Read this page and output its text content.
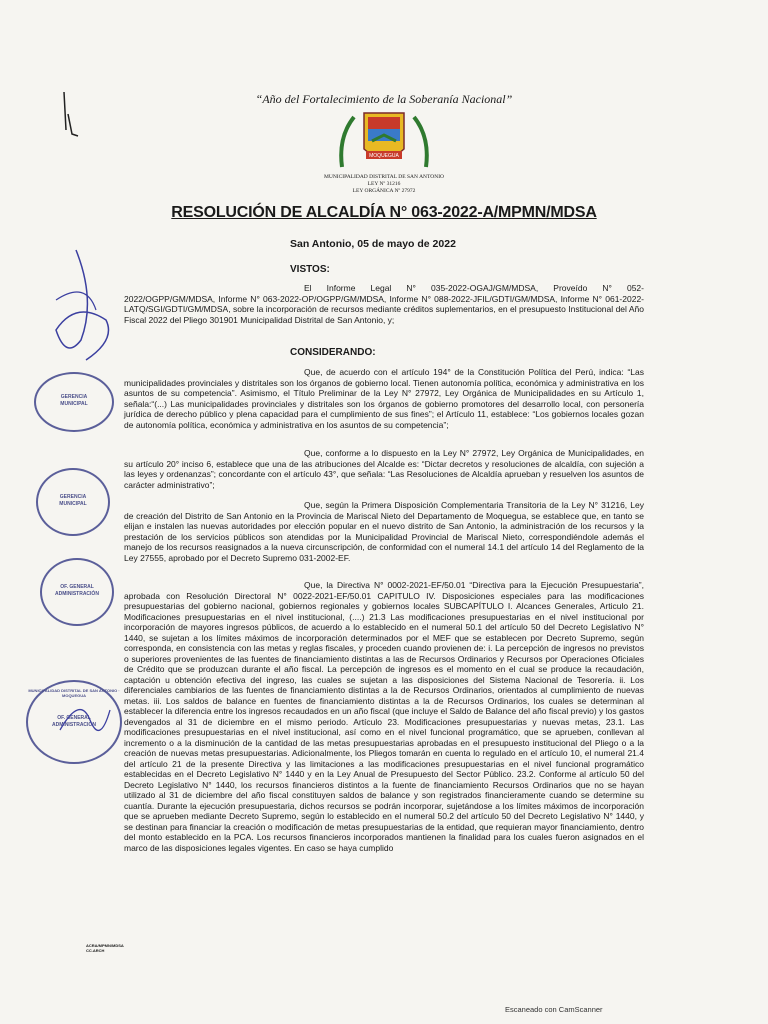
“Año del Fortalecimiento de la Soberanía Nacional”
MOQUEGUA
MUNICIPALIDAD DISTRITAL DE SAN ANTONIO
LEY Nº 31216
LEY ORGÁNICA Nº 27972
RESOLUCIÓN DE ALCALDÍA N° 063-2022-A/MPMN/MDSA
San Antonio, 05 de mayo de 2022
VISTOS:

El Informe Legal N° 035-2022-OGAJ/GM/MDSA, Proveído N° 052-2022/OGPP/GM/MDSA, Informe N° 063-2022-OP/OGPP/GM/MDSA, Informe N° 088-2022-JFIL/GDTI/GM/MDSA, Informe N° 061-2022-LATQ/SGI/GDTI/GM/MDSA, sobre la incorporación de recursos mediante créditos suplementarios, en el presupuesto Institucional del Año Fiscal 2022 del Pliego 301901 Municipalidad Distrital de San Antonio, y;

CONSIDERANDO:

Que, de acuerdo con el artículo 194° de la Constitución Política del Perú, indica: “Las municipalidades provinciales y distritales son los órganos de gobierno local. Tienen autonomía política, económica y administrativa en los asuntos de su competencia”. Asimismo, el Título Preliminar de la Ley N° 27972, Ley Orgánica de Municipalidades en su Artículo 1, señala:“(...) Las municipalidades provinciales y distritales son los órganos de gobierno promotores del desarrollo local, con personería jurídica de derecho público y plena capacidad para el cumplimiento de sus fines”; el Artículo 11, establece: “Los gobiernos locales gozan de autonomía política, económica y administrativa en los asuntos de su competencia”;

Que, conforme a lo dispuesto en la Ley N° 27972, Ley Orgánica de Municipalidades, en su artículo 20° inciso 6, establece que una de las atribuciones del Alcalde es: “Dictar decretos y resoluciones de alcaldía, con sujeción a las leyes y ordenanzas”; concordante con el artículo 43°, que señala: “Las Resoluciones de Alcaldía aprueban y resuelven los asuntos de carácter administrativo”;

Que, según la Primera Disposición Complementaria Transitoria de la Ley N° 31216, Ley de creación del Distrito de San Antonio en la Provincia de Mariscal Nieto del Departamento de Moquegua, se establece que, en tanto se elijan e instalen las nuevas autoridades por elección popular en el nuevo distrito de San Antonio, la administración de los recursos y la prestación de los servicios públicos son atendidas por la Municipalidad Provincial de Mariscal Nieto, correspondiéndole además el manejo de los recursos reasignados a la nueva circunscripción, de conformidad con el numeral 14.1 del artículo 14 del Reglamento de la Ley 27555, aprobado por el Decreto Supremo 031-2002-EF.

Que, la Directiva N° 0002-2021-EF/50.01 “Directiva para la Ejecución Presupuestaria”, aprobada con Resolución Directoral N° 0022-2021-EF/50.01 CAPITULO IV. Disposiciones especiales para las modificaciones presupuestarias del gobierno nacional, gobiernos regionales y gobiernos locales SUBCAPÍTULO I. Alcances Generales, Articulo 21. Modificaciones presupuestarias en el nivel institucional, (....) 21.3 Las modificaciones presupuestarias en el nivel institucional por incorporación de mayores ingresos públicos, de acuerdo a lo establecido en el numeral 50.1 del artículo 50 del Decreto Legislativo N° 1440, se sujetan a los límites máximos de incorporación determinados por el MEF que se establecen por Decreto Supremo, según corresponda, en consistencia con las metas y reglas fiscales, y proceden cuando provienen de: i. La percepción de ingresos no previstos o superiores provenientes de las fuentes de financiamiento distintas a las de Recursos Ordinarios y Recursos por Operaciones Oficiales de Crédito que se produzcan durante el año fiscal. La percepción de ingresos es el momento en el cual se produce la recaudación, captación u obtención efectiva del ingreso, las cuales se sujetan a las disposiciones del Sistema Nacional de Tesorería. ii. Los diferenciales cambiarios de las fuentes de financiamiento distintas a la de Recursos Ordinarios, orientados al cumplimiento de nuevas metas. iii. Los saldos de balance en fuentes de financiamiento distintas a la de Recursos Ordinarios, los cuales se determinan al establecer la diferencia entre los ingresos recaudados en un año fiscal (que incluye el Saldo de Balance del año fiscal previo) y los gastos devengados al 31 de diciembre en el mismo periodo. Artículo 23. Modificaciones presupuestarias y nuevas metas, 23.1. Las modificaciones presupuestarias en el nivel institucional, así como en el nivel funcional programático, que se aprueben, conllevan al incremento o a la disminución de la cantidad de las metas presupuestarias aprobadas en el presupuesto institucional del Pliego o a la creación de nuevas metas presupuestarias. Adicionalmente, los Pliegos tomarán en cuenta lo regulado en el artículo 10, el numeral 21.4 del artículo 21 de la presente Directiva y las limitaciones a las modificaciones presupuestarias en el nivel funcional programático establecidas en el Decreto Legislativo N° 1440 y en la Ley Anual de Presupuesto del Sector Público. 23.2. Conforme al artículo 50 del Decreto Legislativo N° 1440, los recursos financieros distintos a la fuente de financiamiento Recursos Ordinarios que no se hayan utilizado al 31 de diciembre del año fiscal constituyen saldos de balance y son registrados financieramente cuando se determine su cuantía. Durante la ejecución presupuestaria, dichos recursos se podrán incorporar, sujetándose a los límites máximos de incorporación que se aprueben mediante Decreto Supremo, según lo establecido en el numeral 50.2 del artículo 50 del Decreto Legislativo N° 1440, y se destinan para financiar la creación o modificación de metas presupuestarias de la entidad, que requieran mayor financiamiento, dentro del monto establecido en la PCA. Los recursos financieros incorporados mantienen la finalidad para los cuales fueron asignados en el marco de las disposiciones legales vigentes. En caso se haya cumplido

GERENCIA
MUNICIPAL
GERENCIA
MUNICIPAL
OF. GENERAL
ADMINISTRACIÓN
MUNICIPALIDAD DISTRITAL DE SAN ANTONIO · MOQUEGUA
OF. GENERAL
ADMINISTRACIÓN
ACRA/MPMN/MDSA
CC.ARCH
Escaneado con CamScanner
